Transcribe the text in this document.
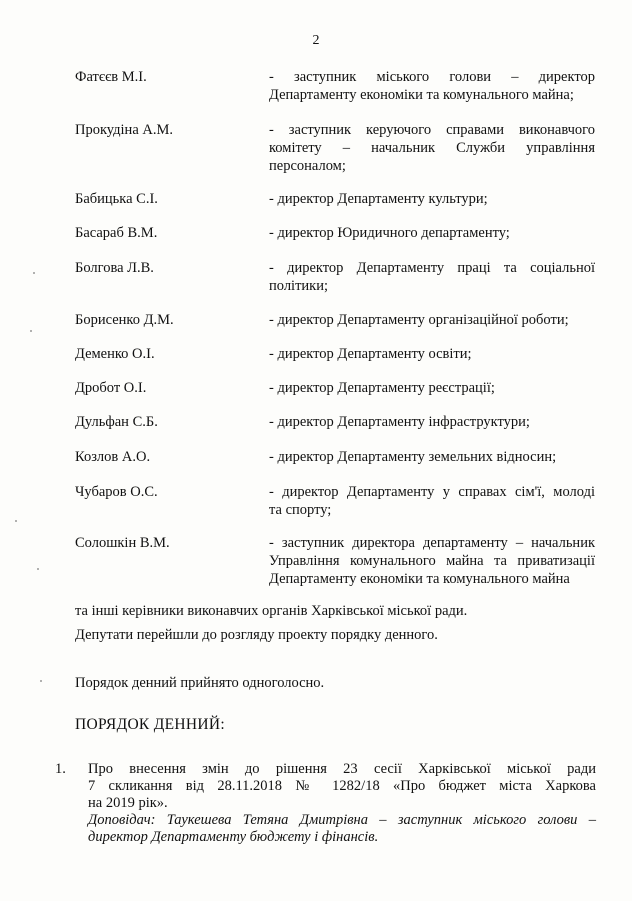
2
Фатєєв М.І.	- заступник міського голови – директор
Департаменту економіки та комунального майна;
Прокудіна А.М.	- заступник керуючого справами виконавчого
комітету – начальник Служби управління
персоналом;
Бабицька С.І.	- директор Департаменту культури;
Басараб В.М.	- директор Юридичного департаменту;
Болгова Л.В.	- директор Департаменту праці та соціальної
політики;
Борисенко Д.М.	- директор Департаменту організаційної роботи;
Деменко О.І.	- директор Департаменту освіти;
Дробот О.І.	- директор Департаменту реєстрації;
Дульфан С.Б.	- директор Департаменту інфраструктури;
Козлов А.О.	- директор Департаменту земельних відносин;
Чубаров О.С.	- директор Департаменту у справах сім'ї, молоді
та спорту;
Солошкін В.М.	- заступник директора департаменту – начальник
Управління комунального майна та приватизації
Департаменту економіки та комунального майна
та інші керівники виконавчих органів Харківської міської ради.
Депутати перейшли до розгляду проекту порядку денного.
Порядок денний прийнято одноголосно.
ПОРЯДОК ДЕННИЙ:
1. Про внесення змін до рішення 23 сесії Харківської міської ради
7 скликання від 28.11.2018 № 1282/18 «Про бюджет міста Харкова
на 2019 рік».
Доповідач: Таукешева Тетяна Дмитрівна – заступник міського голови –
директор Департаменту бюджету і фінансів.
